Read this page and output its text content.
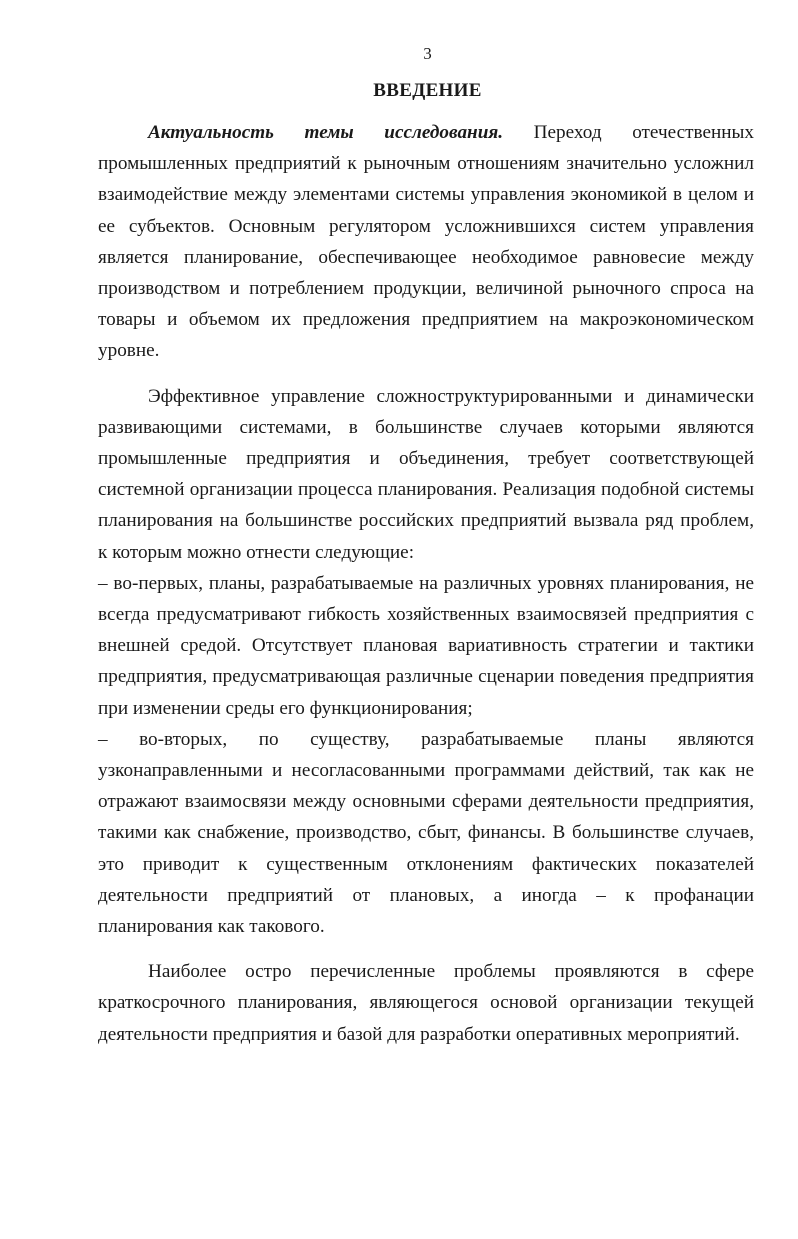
3
ВВЕДЕНИЕ

Актуальность темы исследования. Переход отечественных промышленных предприятий к рыночным отношениям значительно усложнил взаимодействие между элементами системы управления экономикой в целом и ее субъектов. Основным регулятором усложнившихся систем управления является планирование, обеспечивающее необходимое равновесие между производством и потреблением продукции, величиной рыночного спроса на товары и объемом их предложения предприятием на макроэкономическом уровне.

Эффективное управление сложноструктурированными и динамически развивающими системами, в большинстве случаев которыми являются промышленные предприятия и объединения, требует соответствующей системной организации процесса планирования. Реализация подобной системы планирования на большинстве российских предприятий вызвала ряд проблем, к которым можно отнести следующие:

– во-первых, планы, разрабатываемые на различных уровнях планирования, не всегда предусматривают гибкость хозяйственных взаимосвязей предприятия с внешней средой. Отсутствует плановая вариативность стратегии и тактики предприятия, предусматривающая различные сценарии поведения предприятия при изменении среды его функционирования;

– во-вторых, по существу, разрабатываемые планы являются узконаправленными и несогласованными программами действий, так как не отражают взаимосвязи между основными сферами деятельности предприятия, такими как снабжение, производство, сбыт, финансы. В большинстве случаев, это приводит к существенным отклонениям фактических показателей деятельности предприятий от плановых, а иногда – к профанации планирования как такового.

Наиболее остро перечисленные проблемы проявляются в сфере краткосрочного планирования, являющегося основой организации текущей деятельности предприятия и базой для разработки оперативных мероприятий.
